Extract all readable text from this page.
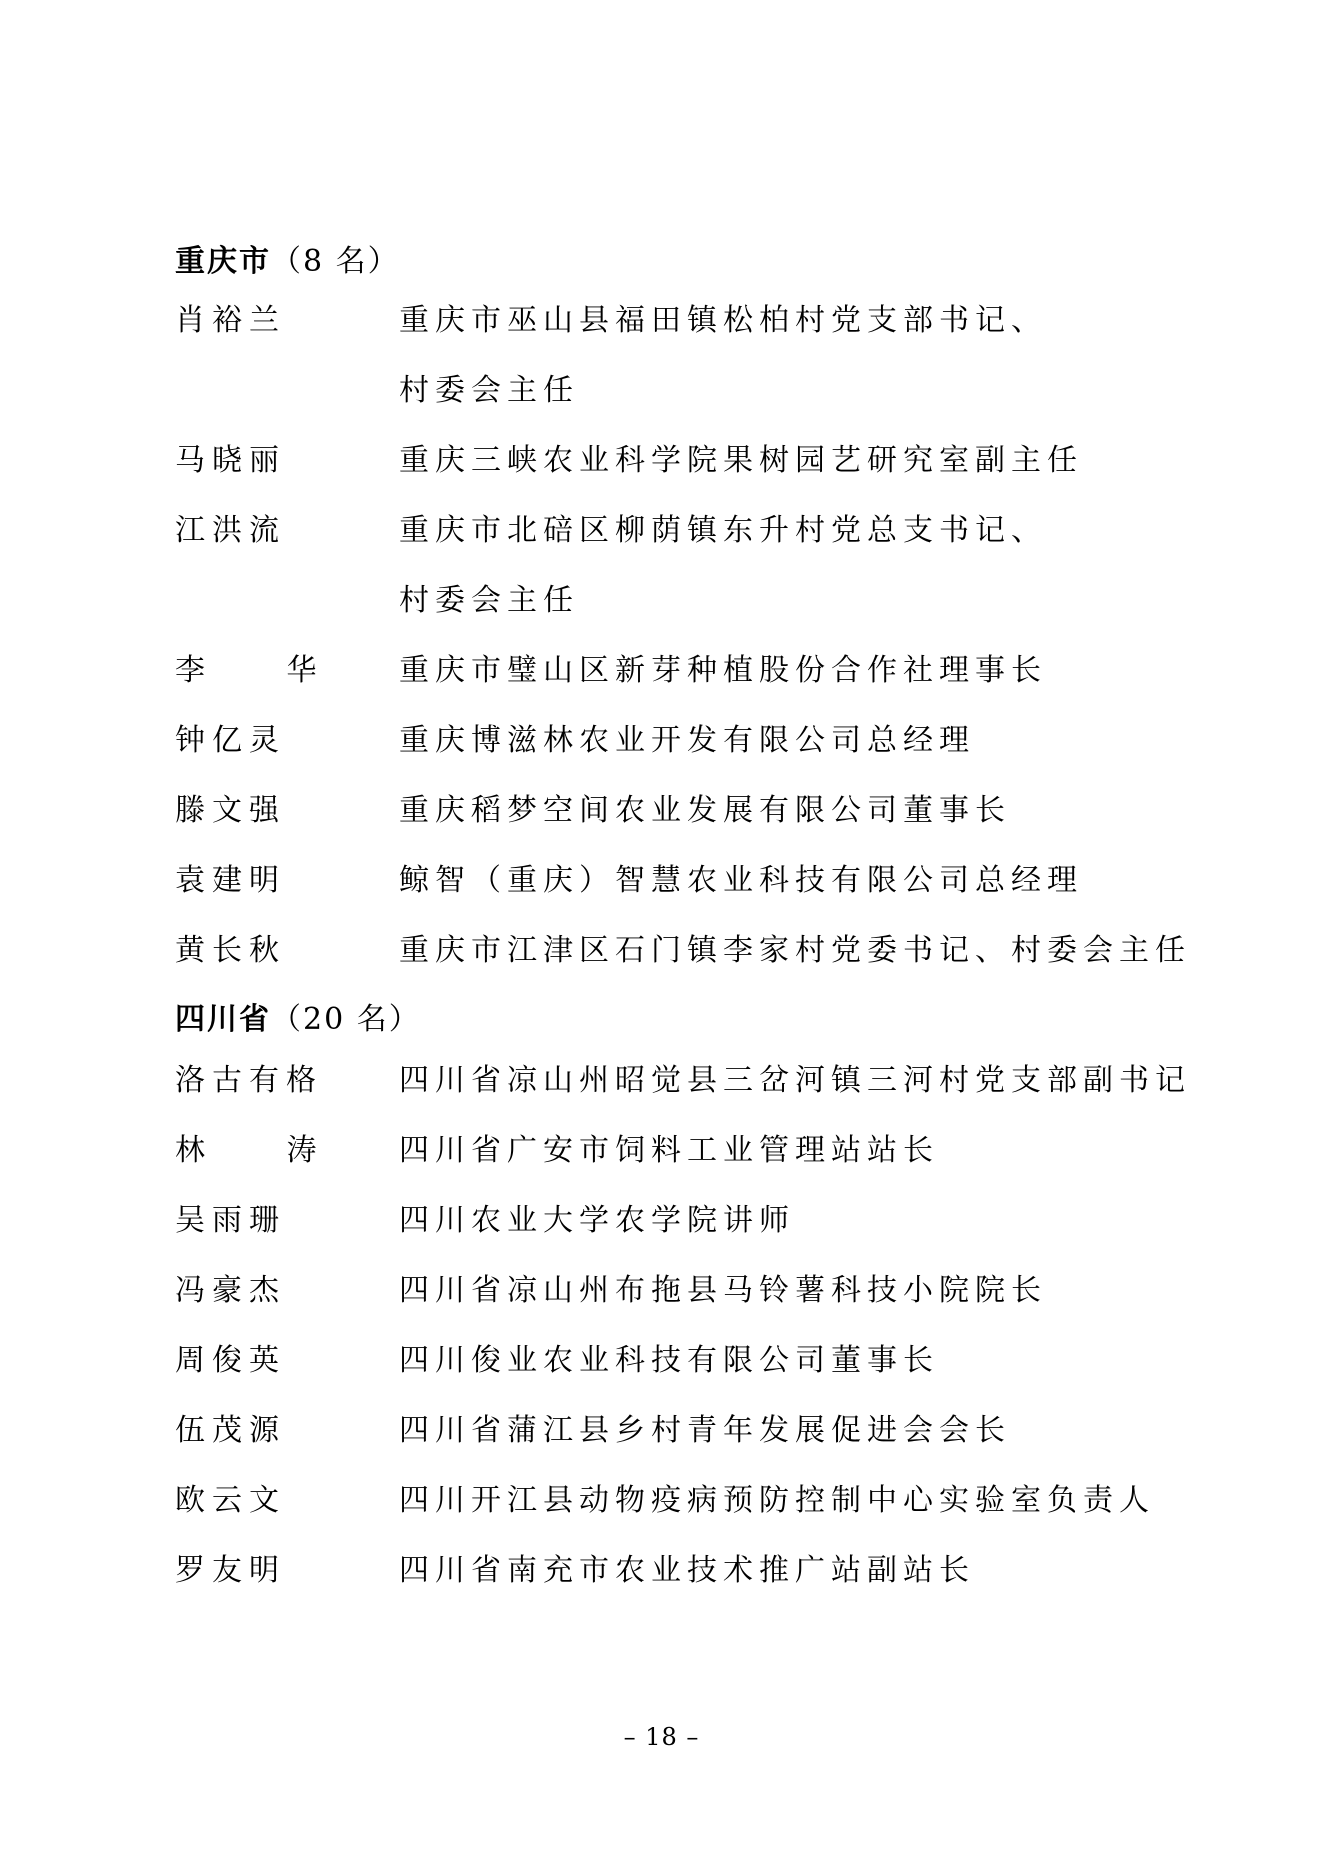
重庆市（8 名）
肖裕兰	重庆市巫山县福田镇松柏村党支部书记、
村委会主任
马晓丽	重庆三峡农业科学院果树园艺研究室副主任
江洪流	重庆市北碚区柳荫镇东升村党总支书记、
村委会主任
李 华 重庆市璧山区新芽种植股份合作社理事长
钟亿灵	重庆博滋林农业开发有限公司总经理
滕文强	重庆稻梦空间农业发展有限公司董事长
袁建明	鲸智（重庆）智慧农业科技有限公司总经理
黄长秋	重庆市江津区石门镇李家村党委书记、村委会主任
四川省（20 名）
洛古有格	四川省凉山州昭觉县三岔河镇三河村党支部副书记
林 涛 四川省广安市饲料工业管理站站长
吴雨珊	四川农业大学农学院讲师
冯豪杰	四川省凉山州布拖县马铃薯科技小院院长
周俊英	四川俊业农业科技有限公司董事长
伍茂源	四川省蒲江县乡村青年发展促进会会长
欧云文	四川开江县动物疫病预防控制中心实验室负责人
罗友明	四川省南充市农业技术推广站副站长
– 18 –
